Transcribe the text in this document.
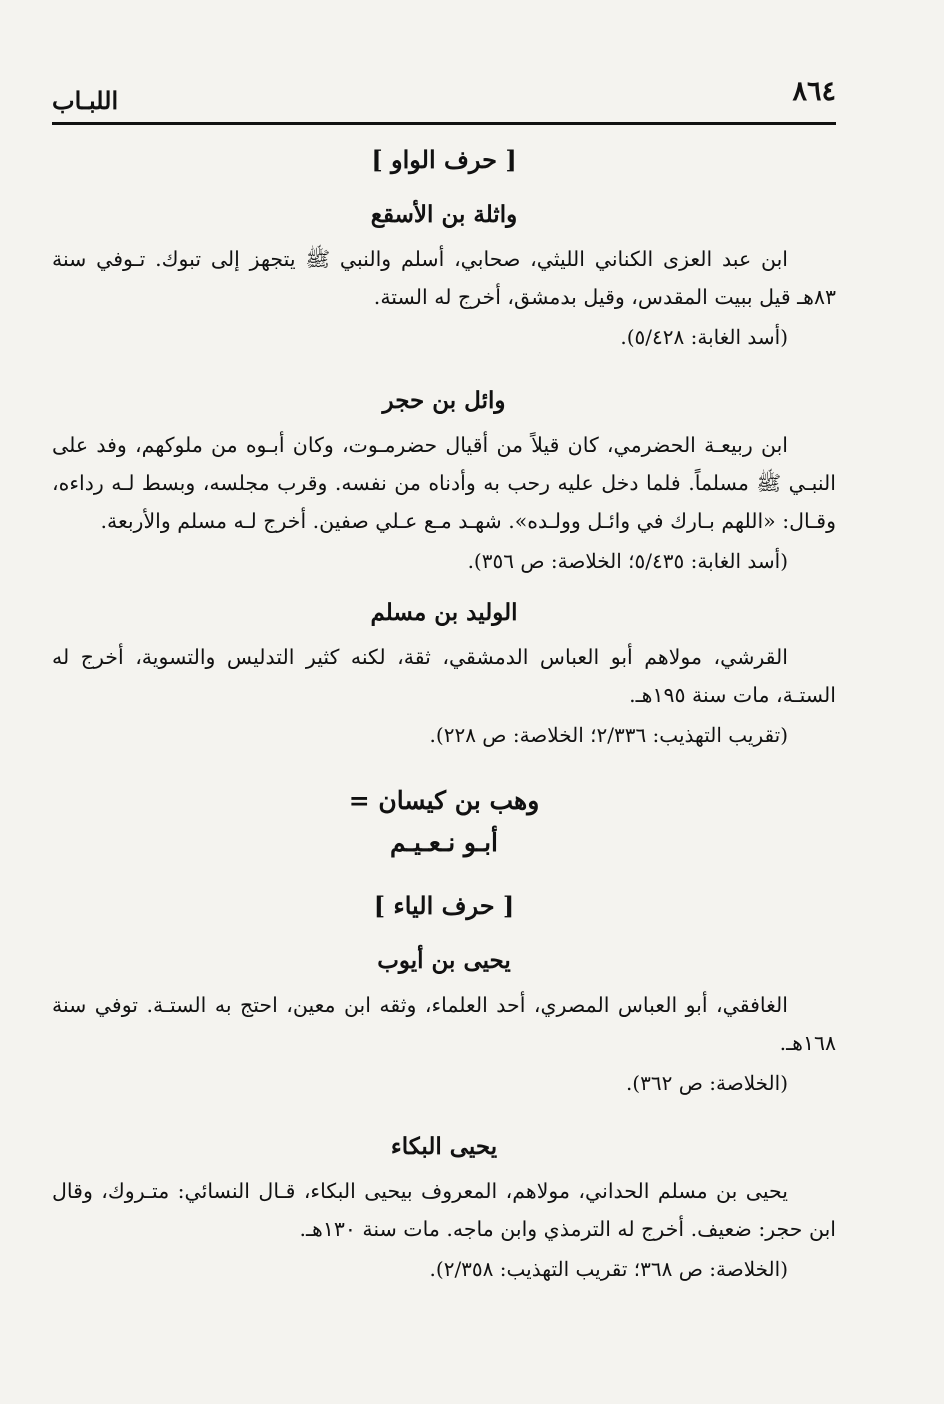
٨٦٤
اللبـاب
[ حرف الواو ]
واثلة بن الأسقع

ابن عبد العزى الكناني الليثي، صحابي، أسلم والنبي ﷺ يتجهز إلى تبوك. تـوفي سنة ٨٣هـ قيل ببيت المقدس، وقيل بدمشق، أخرج له الستة.

(أسد الغابة: ٥/٤٢٨).
وائل بن حجر

ابن ربيعـة الحضرمي، كان قيلاً من أقيال حضرمـوت، وكان أبـوه من ملوكهم، وفد على النبـي ﷺ مسلماً. فلما دخل عليه رحب به وأدناه من نفسه. وقرب مجلسه، وبسط لـه رداءه، وقـال: «اللهم بـارك في وائـل وولـده». شهـد مـع عـلي صفين. أخرج لـه مسلم والأربعة.

(أسد الغابة: ٥/٤٣٥؛ الخلاصة: ص ٣٥٦).
الوليد بن مسلم

القرشي، مولاهم أبو العباس الدمشقي، ثقة، لكنه كثير التدليس والتسوية، أخرج له الستـة، مات سنة ١٩٥هـ.

(تقريب التهذيب: ٢/٣٣٦؛ الخلاصة: ص ٢٢٨).
وهب بن كيسان =
أبـو نـعـيـم
[ حرف الياء ]
يحيى بن أيوب

الغافقي، أبو العباس المصري، أحد العلماء، وثقه ابن معين، احتج به الستـة. توفي سنة ١٦٨هـ.

(الخلاصة: ص ٣٦٢).
يحيى البكاء

يحيى بن مسلم الحداني، مولاهم، المعروف بيحيى البكاء، قـال النسائي: متـروك، وقال ابن حجر: ضعيف. أخرج له الترمذي وابن ماجه. مات سنة ١٣٠هـ.

(الخلاصة: ص ٣٦٨؛ تقريب التهذيب: ٢/٣٥٨).
